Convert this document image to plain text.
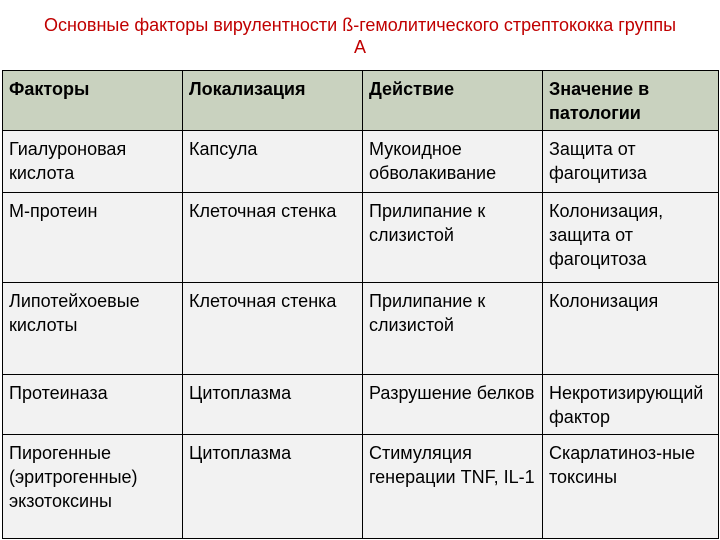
Основные факторы вирулентности ß-гемолитического стрептококка группы
А
Факторы	Локализация	Действие	Значение в патологии
Гиалуроновая кислота	Капсула	Мукоидное обволакивание	Защита от фагоцитиза
М-протеин	Клеточная стенка	Прилипание к слизистой	Колонизация, защита от фагоцитоза
Липотейхоевые кислоты	Клеточная стенка	Прилипание к слизистой	Колонизация
Протеиназа	Цитоплазма	Разрушение белков	Некротизирующий фактор
Пирогенные (эритрогенные) экзотоксины	Цитоплазма	Стимуляция генерации TNF, IL-1	Скарлатиноз-ные токсины
